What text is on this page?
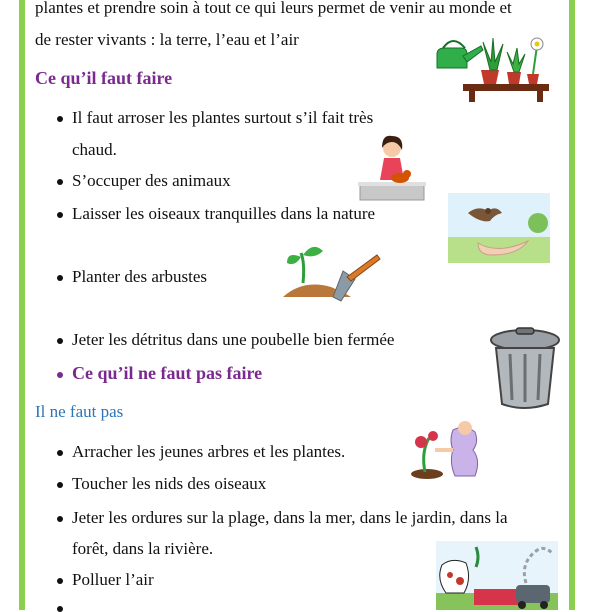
plantes et prendre soin à tout ce qui leurs permet de venir au monde et
de rester vivants : la terre, l’eau et l’air
Ce qu’il faut faire
Il faut arroser les plantes surtout s’il fait très
chaud.
S’occuper des animaux
Laisser les oiseaux tranquilles dans la nature
Planter des arbustes
Jeter les détritus dans une poubelle bien fermée
Ce qu’il ne faut pas faire
Il ne faut pas
Arracher les jeunes arbres et les plantes.
Toucher les nids des oiseaux
Jeter les ordures sur la plage, dans la mer, dans le jardin, dans la
forêt, dans la rivière.
Polluer l’air
